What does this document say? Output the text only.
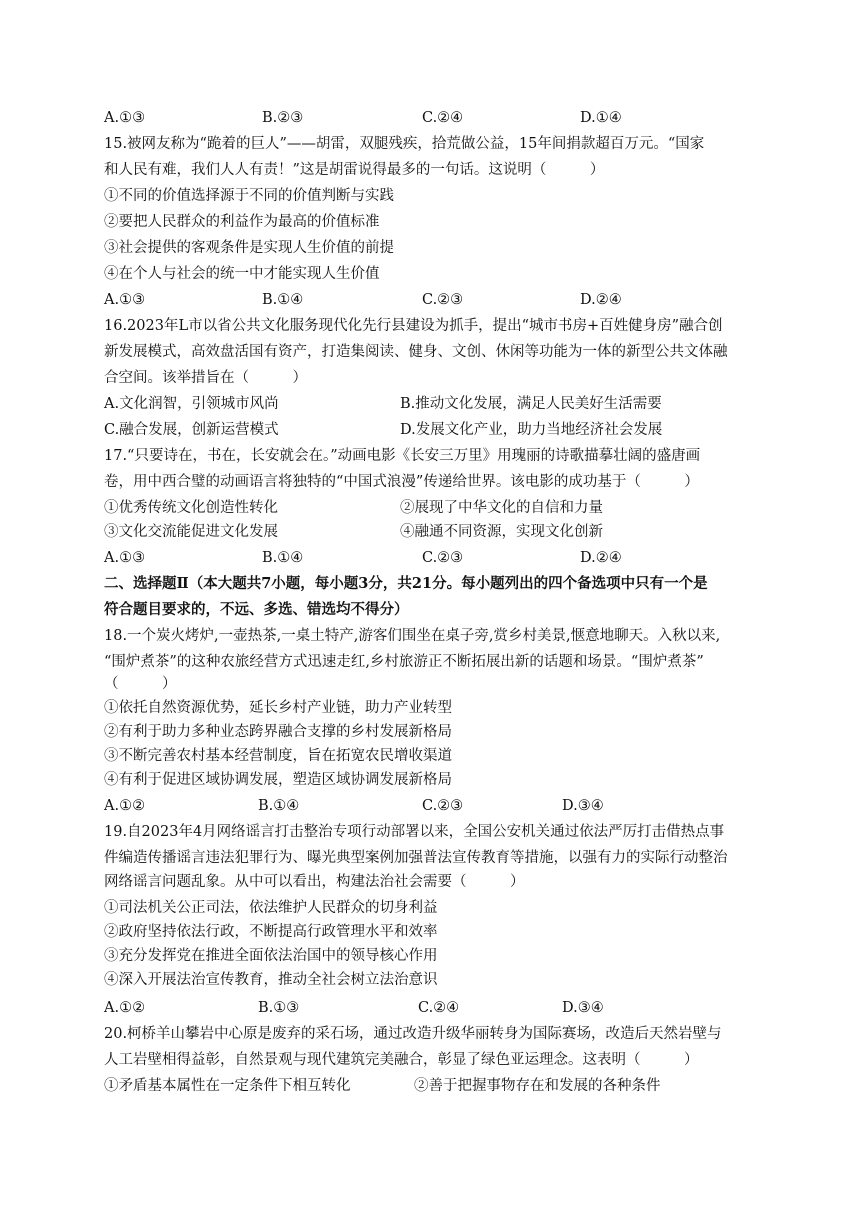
A.①③	B.②③	C.②④	D.①④
15.被网友称为“跪着的巨人”——胡雷，双腿残疾，拾荒做公益，15年间捐款超百万元。“国家
和人民有难，我们人人有责！”这是胡雷说得最多的一句话。这说明（　　　）
①不同的价值选择源于不同的价值判断与实践
②要把人民群众的利益作为最高的价值标准
③社会提供的客观条件是实现人生价值的前提
④在个人与社会的统一中才能实现人生价值
A.①③	B.①④	C.②③	D.②④
16.2023年L市以省公共文化服务现代化先行县建设为抓手，提出“城市书房+百姓健身房”融合创
新发展模式，高效盘活国有资产，打造集阅读、健身、文创、休闲等功能为一体的新型公共文体融
合空间。该举措旨在（　　　）
A.文化润智，引领城市风尚	B.推动文化发展，满足人民美好生活需要
C.融合发展，创新运营模式	D.发展文化产业，助力当地经济社会发展
17.“只要诗在，书在，长安就会在。”动画电影《长安三万里》用瑰丽的诗歌描摹壮阔的盛唐画
卷，用中西合璧的动画语言将独特的“中国式浪漫”传递给世界。该电影的成功基于（　　　）
①优秀传统文化创造性转化	②展现了中华文化的自信和力量
③文化交流能促进文化发展	④融通不同资源，实现文化创新
A.①③	B.①④	C.②③	D.②④
二、选择题Ⅱ（本大题共7小题，每小题3分，共21分。每小题列出的四个备选项中只有一个是
符合题目要求的，不远、多选、错选均不得分）
18.一个炭火烤炉,一壶热茶,一桌土特产,游客们围坐在桌子旁,赏乡村美景,惬意地聊天。入秋以来,
“围炉煮茶”的这种农旅经营方式迅速走红,乡村旅游正不断拓展出新的话题和场景。“围炉煮茶”
（　　　）
①依托自然资源优势，延长乡村产业链，助力产业转型
②有利于助力多种业态跨界融合支撑的乡村发展新格局
③不断完善农村基本经营制度，旨在拓宽农民增收渠道
④有利于促进区域协调发展，塑造区域协调发展新格局
A.①②	B.①④	C.②③	D.③④
19.自2023年4月网络谣言打击整治专项行动部署以来，全国公安机关通过依法严厉打击借热点事
件编造传播谣言违法犯罪行为、曝光典型案例加强普法宣传教育等措施，以强有力的实际行动整治
网络谣言问题乱象。从中可以看出，构建法治社会需要（　　　）
①司法机关公正司法，依法维护人民群众的切身利益
②政府坚持依法行政，不断提高行政管理水平和效率
③充分发挥党在推进全面依法治国中的领导核心作用
④深入开展法治宣传教育，推动全社会树立法治意识
A.①②	B.①③	C.②④	D.③④
20.柯桥羊山攀岩中心原是废弃的采石场，通过改造升级华丽转身为国际赛场，改造后天然岩壁与
人工岩壁相得益彰，自然景观与现代建筑完美融合，彰显了绿色亚运理念。这表明（　　　）
①矛盾基本属性在一定条件下相互转化	②善于把握事物存在和发展的各种条件
